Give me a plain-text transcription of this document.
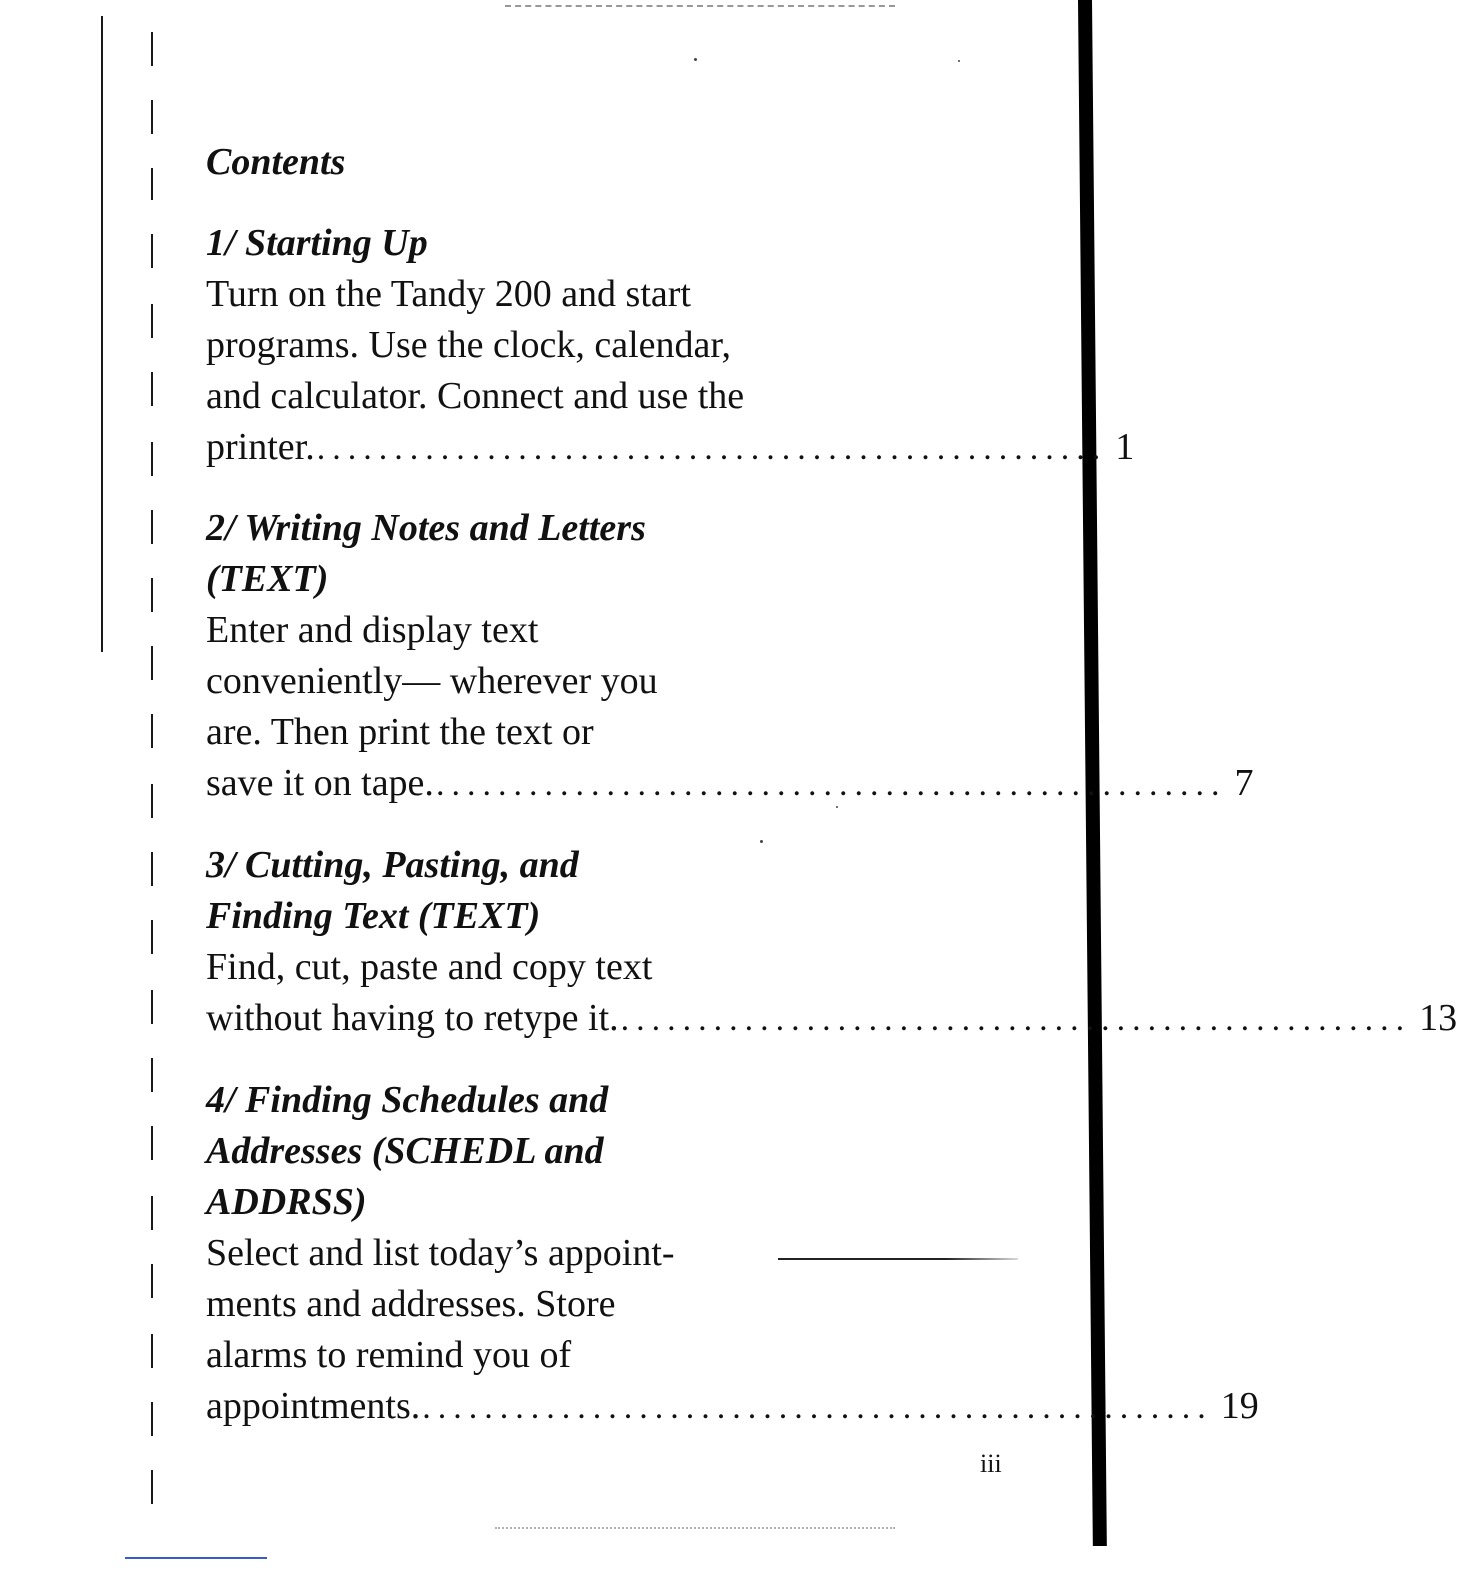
Contents
1/ Starting Up
Turn on the Tandy 200 and start
programs. Use the clock, calendar,
and calculator. Connect and use the
printer. ................................................... 1
2/ Writing Notes and Letters
(TEXT)
Enter and display text
conveniently— wherever you
are. Then print the text or
save it on tape. ................................................... 7
3/ Cutting, Pasting, and
Finding Text (TEXT)
Find, cut, paste and copy text
without having to retype it. ................................................... 13
4/ Finding Schedules and
Addresses (SCHEDL and
ADDRSS)
Select and list today’s appoint-
ments and addresses. Store
alarms to remind you of
appointments. ................................................... 19
iii
